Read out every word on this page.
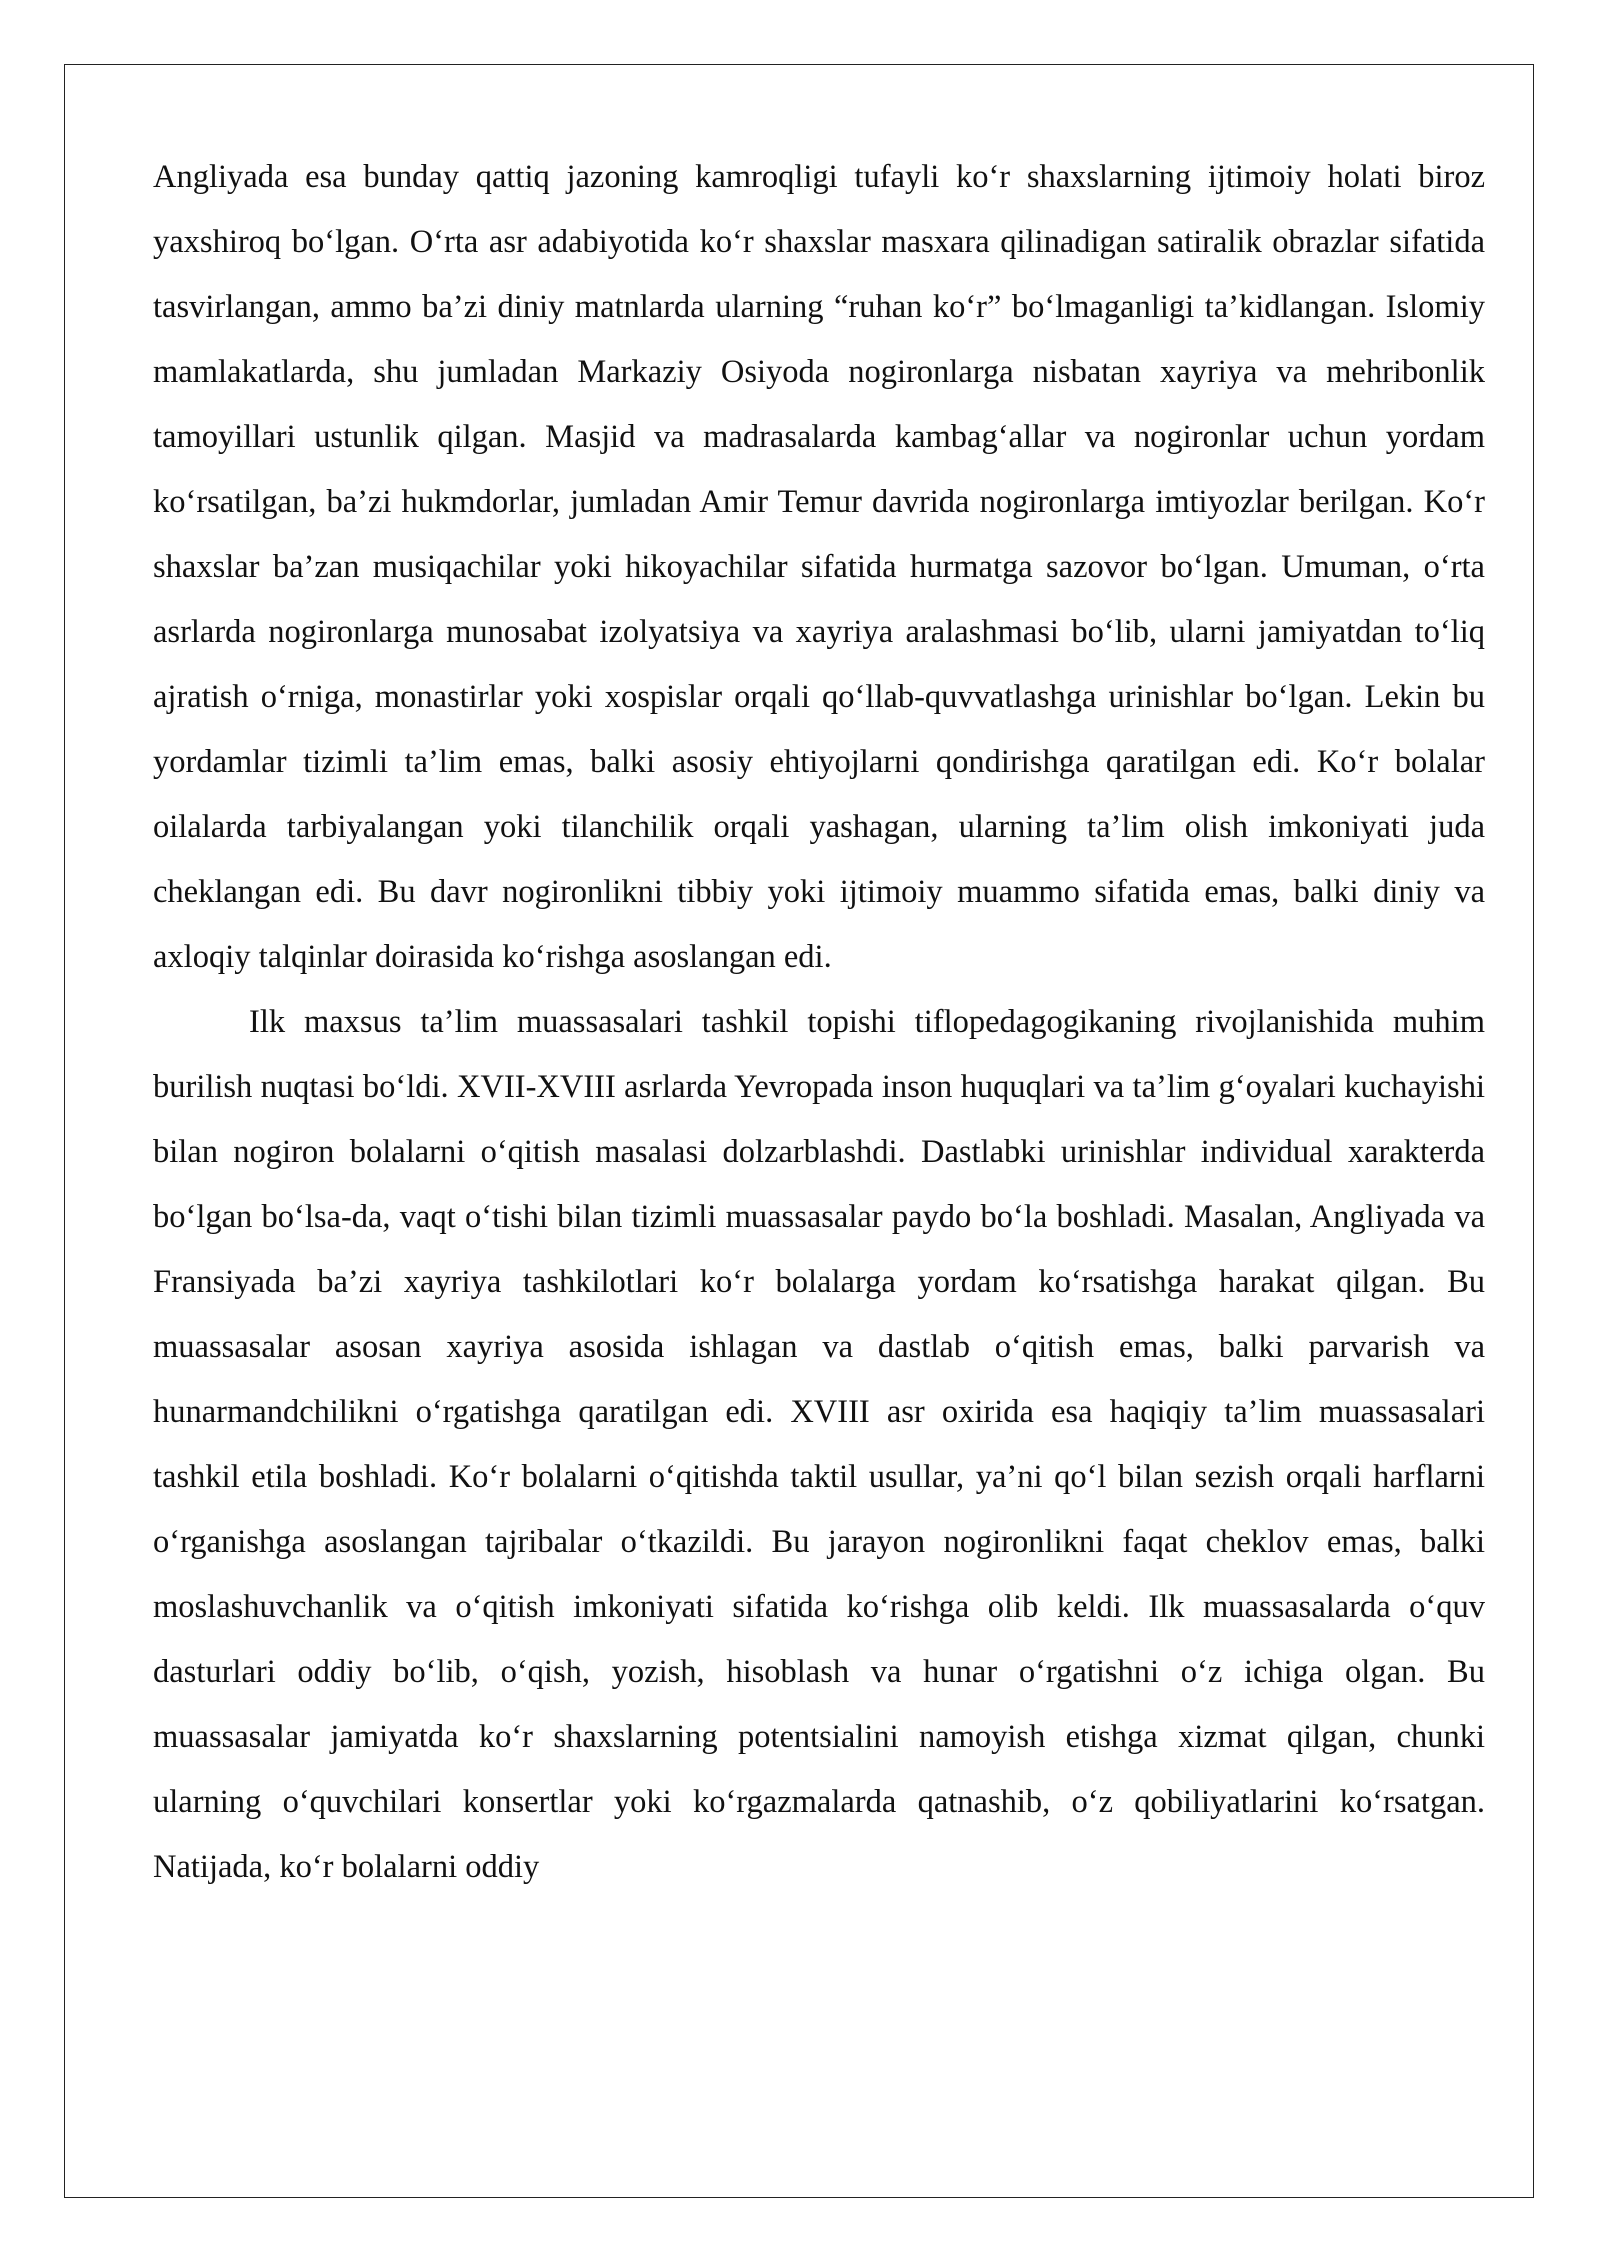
Angliyada esa bunday qattiq jazoning kamroqligi tufayli ko‘r shaxslarning ijtimoiy holati biroz yaxshiroq bo‘lgan. O‘rta asr adabiyotida ko‘r shaxslar masxara qilinadigan satiralik obrazlar sifatida tasvirlangan, ammo ba’zi diniy matnlarda ularning “ruhan ko‘r” bo‘lmaganligi ta’kidlangan. Islomiy mamlakatlarda, shu jumladan Markaziy Osiyoda nogironlarga nisbatan xayriya va mehribonlik tamoyillari ustunlik qilgan. Masjid va madrasalarda kambag‘allar va nogironlar uchun yordam ko‘rsatilgan, ba’zi hukmdorlar, jumladan Amir Temur davrida nogironlarga imtiyozlar berilgan. Ko‘r shaxslar ba’zan musiqachilar yoki hikoyachilar sifatida hurmatga sazovor bo‘lgan. Umuman, o‘rta asrlarda nogironlarga munosabat izolyatsiya va xayriya aralashmasi bo‘lib, ularni jamiyatdan to‘liq ajratish o‘rniga, monastirlar yoki xospislar orqali qo‘llab-quvvatlashga urinishlar bo‘lgan. Lekin bu yordamlar tizimli ta’lim emas, balki asosiy ehtiyojlarni qondirishga qaratilgan edi. Ko‘r bolalar oilalarda tarbiyalangan yoki tilanchilik orqali yashagan, ularning ta’lim olish imkoniyati juda cheklangan edi. Bu davr nogironlikni tibbiy yoki ijtimoiy muammo sifatida emas, balki diniy va axloqiy talqinlar doirasida ko‘rishga asoslangan edi.

Ilk maxsus ta’lim muassasalari tashkil topishi tiflopedagogikaning rivojlanishida muhim burilish nuqtasi bo‘ldi. XVII-XVIII asrlarda Yevropada inson huquqlari va ta’lim g‘oyalari kuchayishi bilan nogiron bolalarni o‘qitish masalasi dolzarblashdi. Dastlabki urinishlar individual xarakterda bo‘lgan bo‘lsa-da, vaqt o‘tishi bilan tizimli muassasalar paydo bo‘la boshladi. Masalan, Angliyada va Fransiyada ba’zi xayriya tashkilotlari ko‘r bolalarga yordam ko‘rsatishga harakat qilgan. Bu muassasalar asosan xayriya asosida ishlagan va dastlab o‘qitish emas, balki parvarish va hunarmandchilikni o‘rgatishga qaratilgan edi. XVIII asr oxirida esa haqiqiy ta’lim muassasalari tashkil etila boshladi. Ko‘r bolalarni o‘qitishda taktil usullar, ya’ni qo‘l bilan sezish orqali harflarni o‘rganishga asoslangan tajribalar o‘tkazildi. Bu jarayon nogironlikni faqat cheklov emas, balki moslashuvchanlik va o‘qitish imkoniyati sifatida ko‘rishga olib keldi. Ilk muassasalarda o‘quv dasturlari oddiy bo‘lib, o‘qish, yozish, hisoblash va hunar o‘rgatishni o‘z ichiga olgan. Bu muassasalar jamiyatda ko‘r shaxslarning potentsialini namoyish etishga xizmat qilgan, chunki ularning o‘quvchilari konsertlar yoki ko‘rgazmalarda qatnashib, o‘z qobiliyatlarini ko‘rsatgan. Natijada, ko‘r bolalarni oddiy
